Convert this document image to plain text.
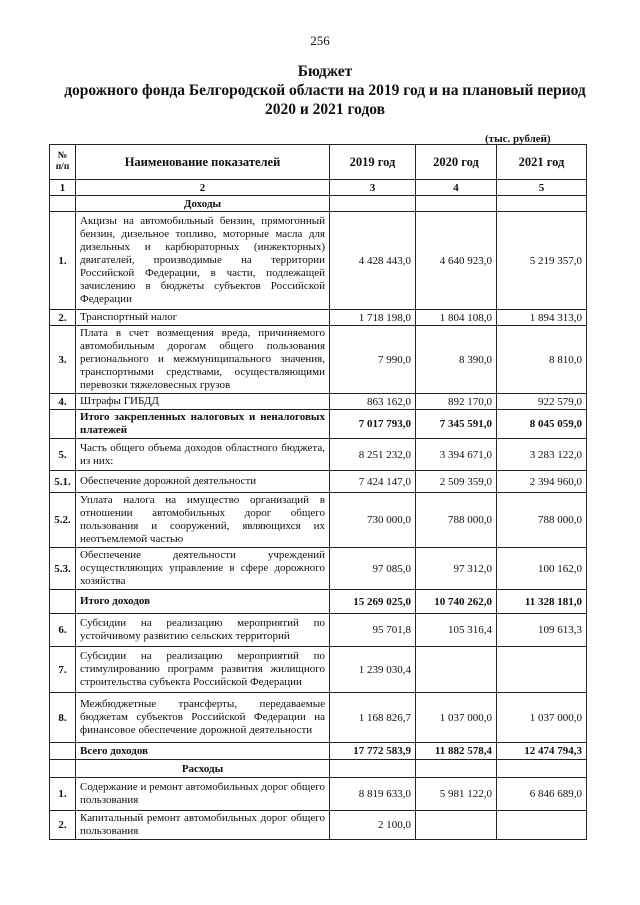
256
Бюджет
дорожного фонда Белгородской области на 2019 год и на плановый период
2020 и 2021 годов
(тыс. рублей)
№ п/п	Наименование показателей	2019 год	2020 год	2021 год
1	2	3	4	5
	Доходы			
1.	Акцизы на автомобильный бензин, прямогонный бензин, дизельное топливо, моторные масла для дизельных и карбюраторных (инжекторных) двигателей, производимые на территории Российской Федерации, в части, подлежащей зачислению в бюджеты субъектов Российской Федерации	4 428 443,0	4 640 923,0	5 219 357,0
2.	Транспортный налог	1 718 198,0	1 804 108,0	1 894 313,0
3.	Плата в счет возмещения вреда, причиняемого автомобильным дорогам общего пользования регионального и межмуниципального значения, транспортными средствами, осуществляющими перевозки тяжеловесных грузов	7 990,0	8 390,0	8 810,0
4.	Штрафы ГИБДД	863 162,0	892 170,0	922 579,0
	Итого закрепленных налоговых и неналоговых платежей	7 017 793,0	7 345 591,0	8 045 059,0
5.	Часть общего объема доходов областного бюджета, из них:	8 251 232,0	3 394 671,0	3 283 122,0
5.1.	Обеспечение дорожной деятельности	7 424 147,0	2 509 359,0	2 394 960,0
5.2.	Уплата налога на имущество организаций в отношении автомобильных дорог общего пользования и сооружений, являющихся их неотъемлемой частью	730 000,0	788 000,0	788 000,0
5.3.	Обеспечение деятельности учреждений осуществляющих управление в сфере дорожного хозяйства	97 085,0	97 312,0	100 162,0
	Итого доходов	15 269 025,0	10 740 262,0	11 328 181,0
6.	Субсидии на реализацию мероприятий по устойчивому развитию сельских территорий	95 701,8	105 316,4	109 613,3
7.	Субсидии на реализацию мероприятий по стимулированию программ развития жилищного строительства субъекта Российской Федерации	1 239 030,4		
8.	Межбюджетные трансферты, передаваемые бюджетам субъектов Российской Федерации на финансовое обеспечение дорожной деятельности	1 168 826,7	1 037 000,0	1 037 000,0
	Всего доходов	17 772 583,9	11 882 578,4	12 474 794,3
	Расходы			
1.	Содержание и ремонт автомобильных дорог общего пользования	8 819 633,0	5 981 122,0	6 846 689,0
2.	Капитальный ремонт автомобильных дорог общего пользования	2 100,0		
